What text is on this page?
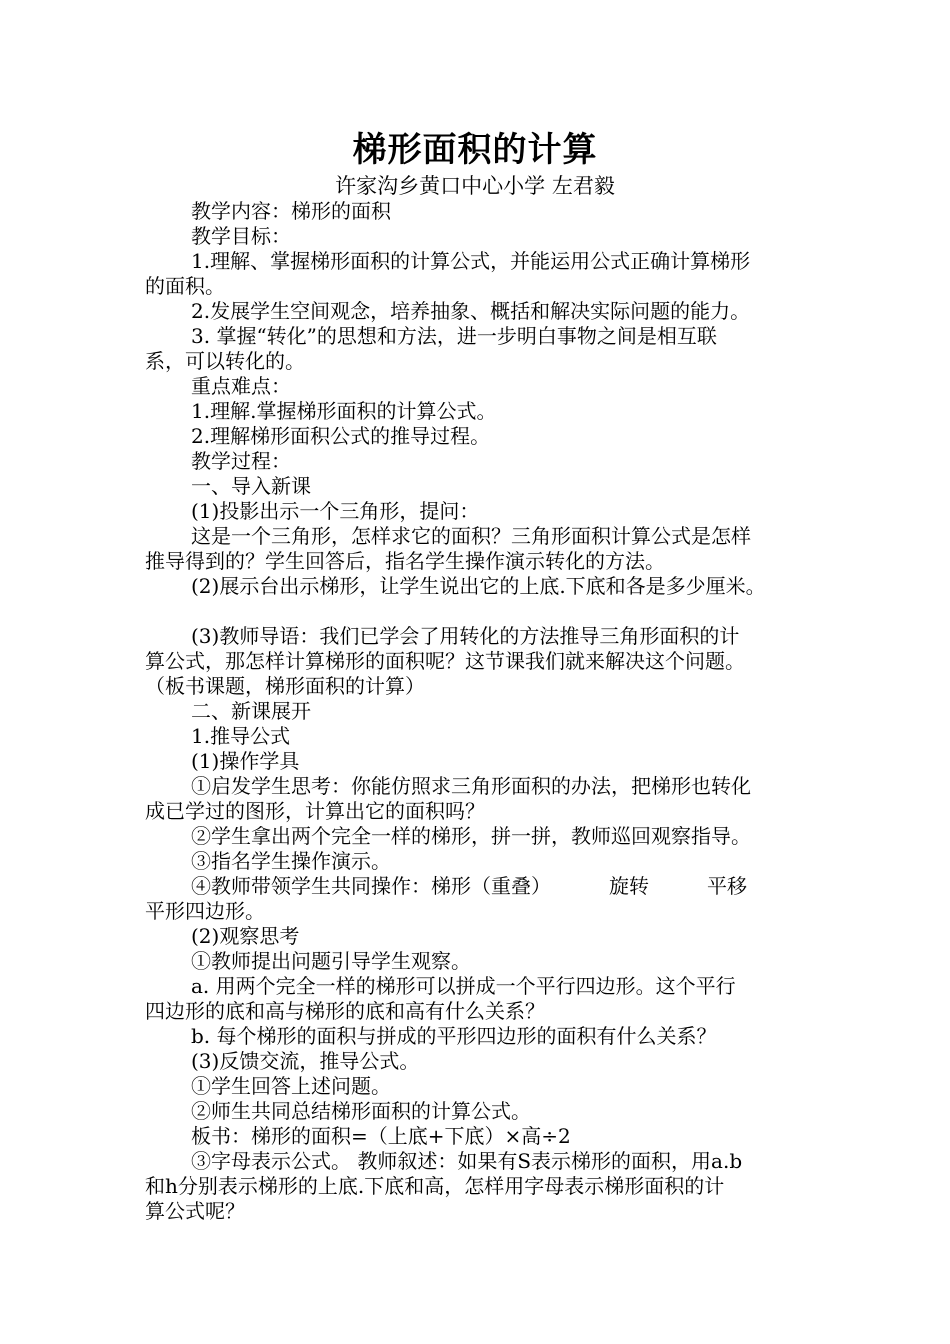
梯形面积的计算
许家沟乡黄口中心小学 左君毅

教学内容：梯形的面积

教学目标：

1.理解、掌握梯形面积的计算公式，并能运用公式正确计算梯形

的面积。

2.发展学生空间观念，培养抽象、概括和解决实际问题的能力。

3. 掌握“转化”的思想和方法，进一步明白事物之间是相互联

系，可以转化的。

重点难点：

1.理解.掌握梯形面积的计算公式。

2.理解梯形面积公式的推导过程。

教学过程：

一、导入新课

(1)投影出示一个三角形，提问：

这是一个三角形，怎样求它的面积？三角形面积计算公式是怎样

推导得到的？学生回答后，指名学生操作演示转化的方法。

(2)展示台出示梯形，让学生说出它的上底.下底和各是多少厘米。

(3)教师导语：我们已学会了用转化的方法推导三角形面积的计

算公式，那怎样计算梯形的面积呢？这节课我们就来解决这个问题。

（板书课题，梯形面积的计算）

二、新课展开

1.推导公式

(1)操作学具

①启发学生思考：你能仿照求三角形面积的办法，把梯形也转化

成已学过的图形，计算出它的面积吗？

②学生拿出两个完全一样的梯形，拼一拼，教师巡回观察指导。

③指名学生操作演示。

④教师带领学生共同操作：梯形（重叠）	旋转	平移

平形四边形。

(2)观察思考

①教师提出问题引导学生观察。

a. 用两个完全一样的梯形可以拼成一个平行四边形。这个平行

四边形的底和高与梯形的底和高有什么关系？

b. 每个梯形的面积与拼成的平形四边形的面积有什么关系？

(3)反馈交流，推导公式。

①学生回答上述问题。

②师生共同总结梯形面积的计算公式。

板书：梯形的面积=（上底+下底）×高÷2

③字母表示公式。 教师叙述：如果有S表示梯形的面积，用a.b

和h分别表示梯形的上底.下底和高，怎样用字母表示梯形面积的计

算公式呢？
